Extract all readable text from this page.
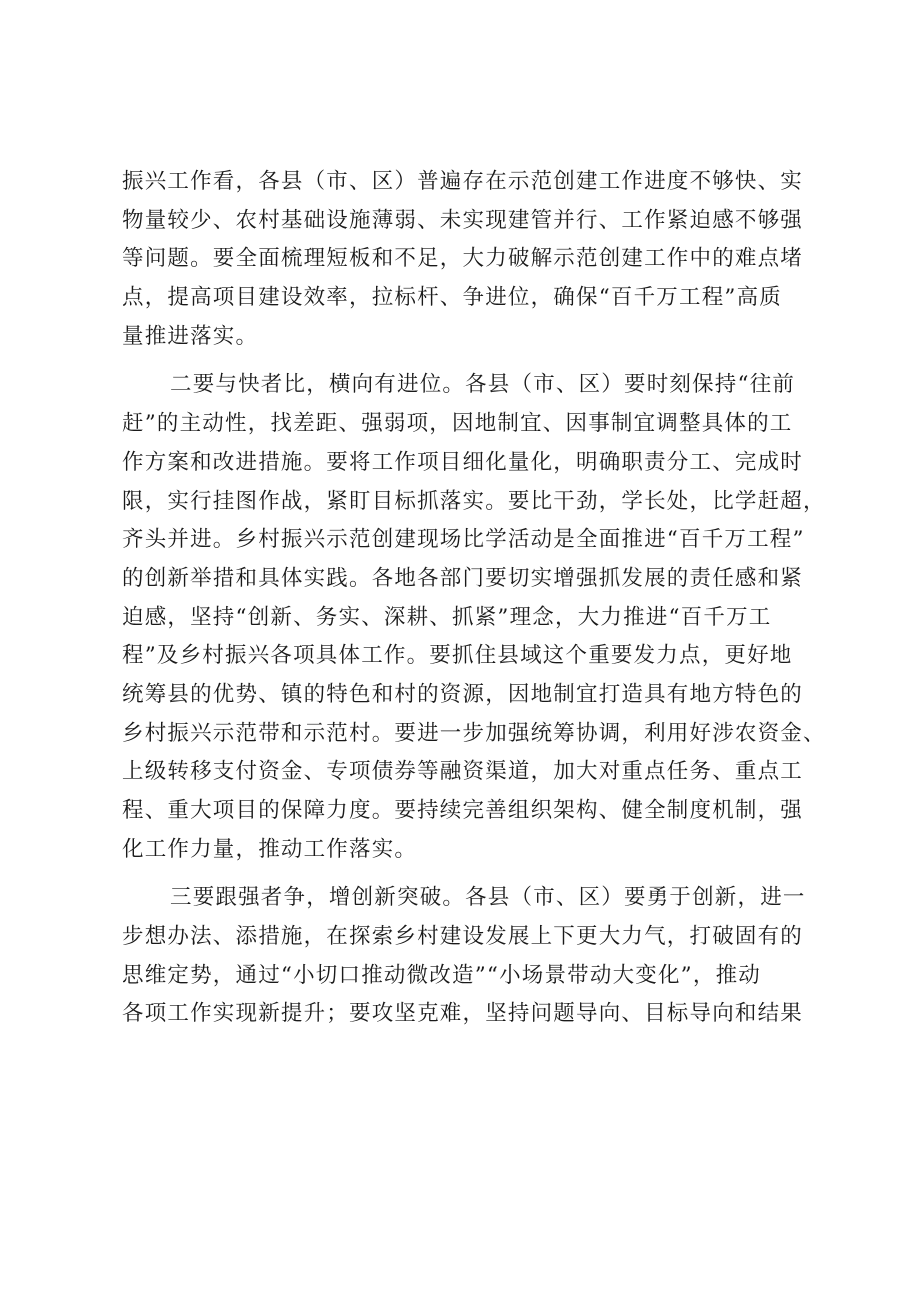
振兴工作看，各县（市、区）普遍存在示范创建工作进度不够快、实
物量较少、农村基础设施薄弱、未实现建管并行、工作紧迫感不够强
等问题。要全面梳理短板和不足，大力破解示范创建工作中的难点堵
点，提高项目建设效率，拉标杆、争进位，确保“百千万工程”高质
量推进落实。
二要与快者比，横向有进位。各县（市、区）要时刻保持“往前
赶”的主动性，找差距、强弱项，因地制宜、因事制宜调整具体的工
作方案和改进措施。要将工作项目细化量化，明确职责分工、完成时
限，实行挂图作战，紧盯目标抓落实。要比干劲，学长处，比学赶超，
齐头并进。乡村振兴示范创建现场比学活动是全面推进“百千万工程”
的创新举措和具体实践。各地各部门要切实增强抓发展的责任感和紧
迫感，坚持“创新、务实、深耕、抓紧”理念，大力推进“百千万工
程”及乡村振兴各项具体工作。要抓住县域这个重要发力点，更好地
统筹县的优势、镇的特色和村的资源，因地制宜打造具有地方特色的
乡村振兴示范带和示范村。要进一步加强统筹协调，利用好涉农资金、
上级转移支付资金、专项债券等融资渠道，加大对重点任务、重点工
程、重大项目的保障力度。要持续完善组织架构、健全制度机制，强
化工作力量，推动工作落实。
三要跟强者争，增创新突破。各县（市、区）要勇于创新，进一
步想办法、添措施，在探索乡村建设发展上下更大力气，打破固有的
思维定势，通过“小切口推动微改造”“小场景带动大变化”，推动
各项工作实现新提升；要攻坚克难，坚持问题导向、目标导向和结果
